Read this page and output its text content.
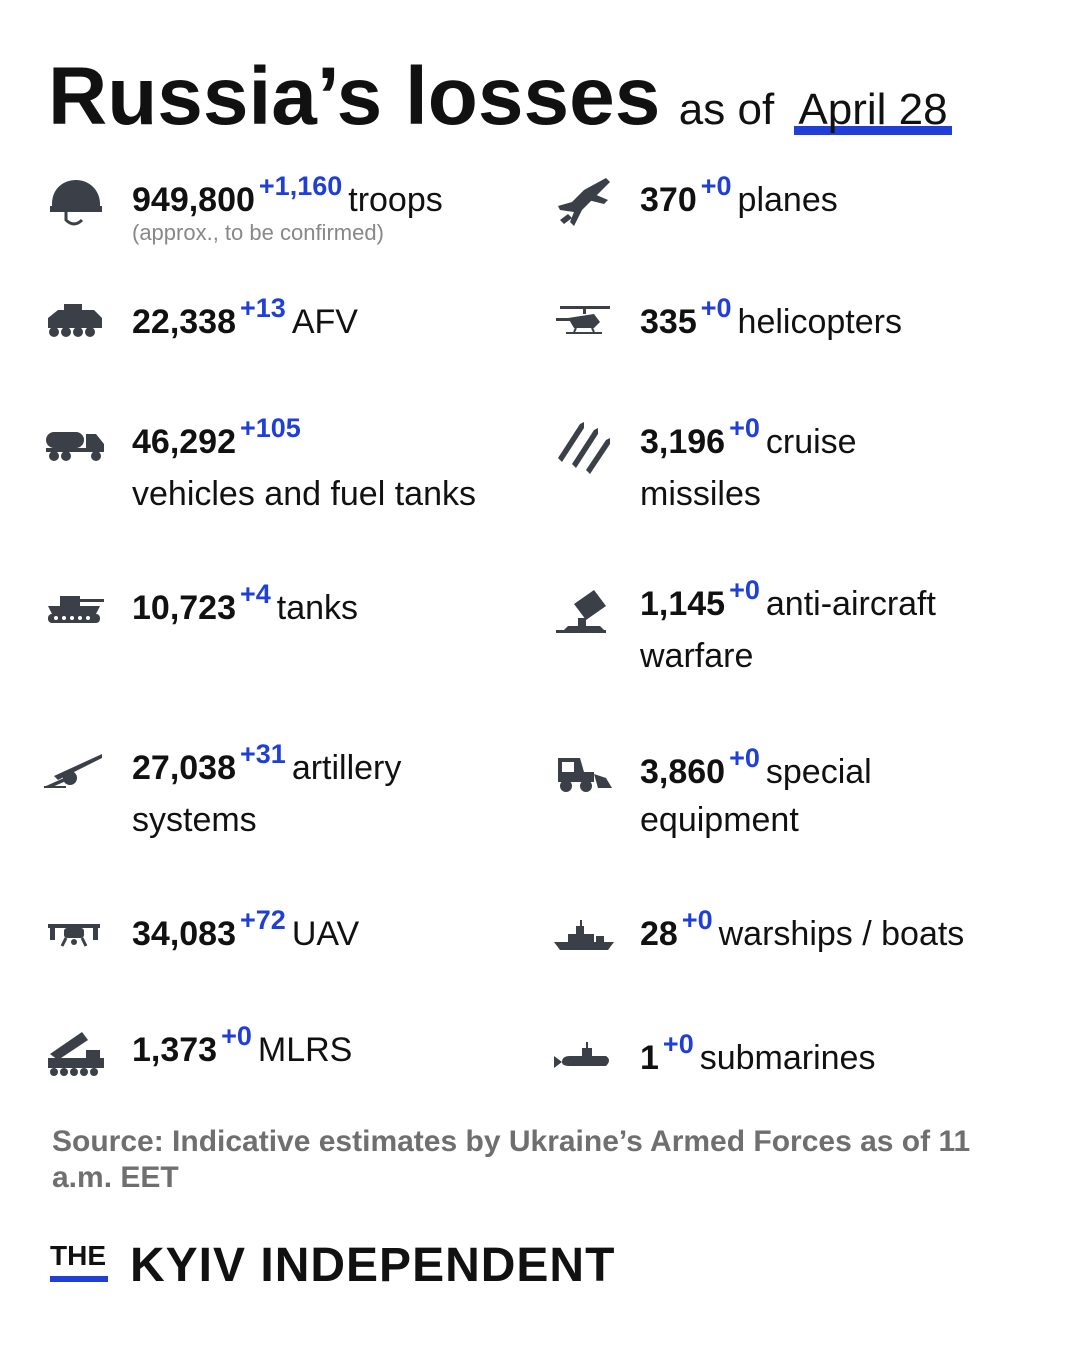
Russia’s losses as of April 28
949,800 $^{+1,160}$ troops
(approx., to be confirmed)
22,338 $^{+13}$ AFV
46,292 $^{+105}$
vehicles and fuel tanks
10,723 $^{+4}$ tanks
27,038 $^{+31}$ artillery
systems
34,083 $^{+72}$ UAV
1,373 $^{+0}$ MLRS
370 $^{+0}$ planes
335 $^{+0}$ helicopters
3,196 $^{+0}$ cruise
missiles
1,145 $^{+0}$ anti-aircraft
warfare
3,860 $^{+0}$ special
equipment
28 $^{+0}$ warships / boats
1 $^{+0}$ submarines
Source: Indicative estimates by Ukraine’s Armed Forces as of 11 a.m. EET
THE KYIV INDEPENDENT
